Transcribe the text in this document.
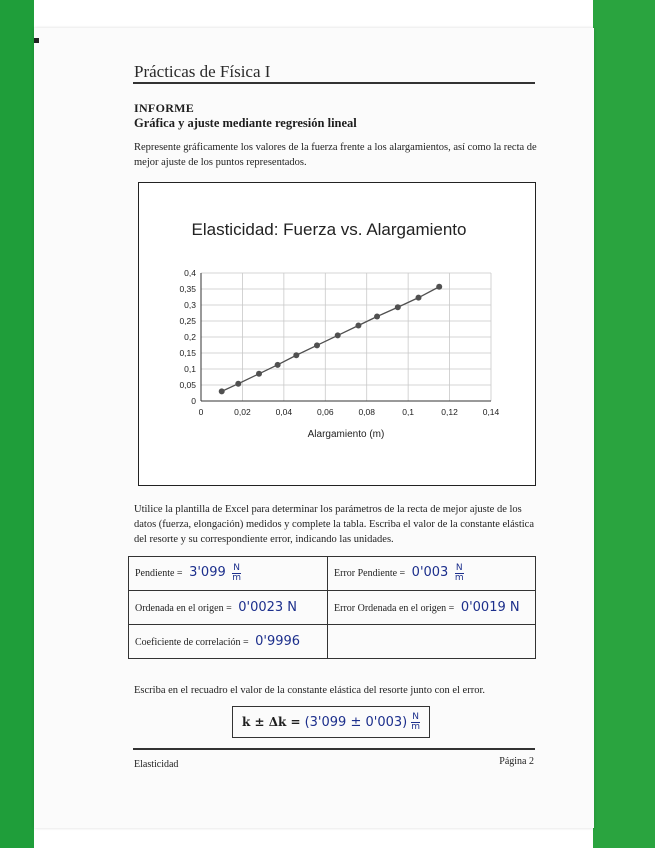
Prácticas de Física I
INFORME
Gráfica y ajuste mediante regresión lineal
Represente gráficamente los valores de la fuerza frente a los alargamientos, así como la recta de mejor ajuste de los puntos representados.
Elasticidad: Fuerza vs. Alargamiento
Alargamiento (m)
0
0,05
0,1
0,15
0,2
0,25
0,3
0,35
0,4
0	0,02	0,04	0,06	0,08	0,1	0,12	0,14
Utilice la plantilla de Excel para determinar los parámetros de la recta de mejor ajuste de los datos (fuerza, elongación) medidos y complete la tabla. Escriba el valor de la constante elástica del resorte y su correspondiente error, indicando las unidades.
Pendiente = $3'099 \frac{N}{m}$	Error Pendiente = $0'003 \frac{N}{m}$

Ordenada en el origen = 0'0023 N	Error Ordenada en el origen = 0'0019 N
Coeficiente de correlación = 0'9996	
Escriba en el recuadro el valor de la constante elástica del resorte junto con el error.
$k \pm \Delta k = (3'099 \pm 0'003) \frac{N}{m}$
Elasticidad	Página 2
